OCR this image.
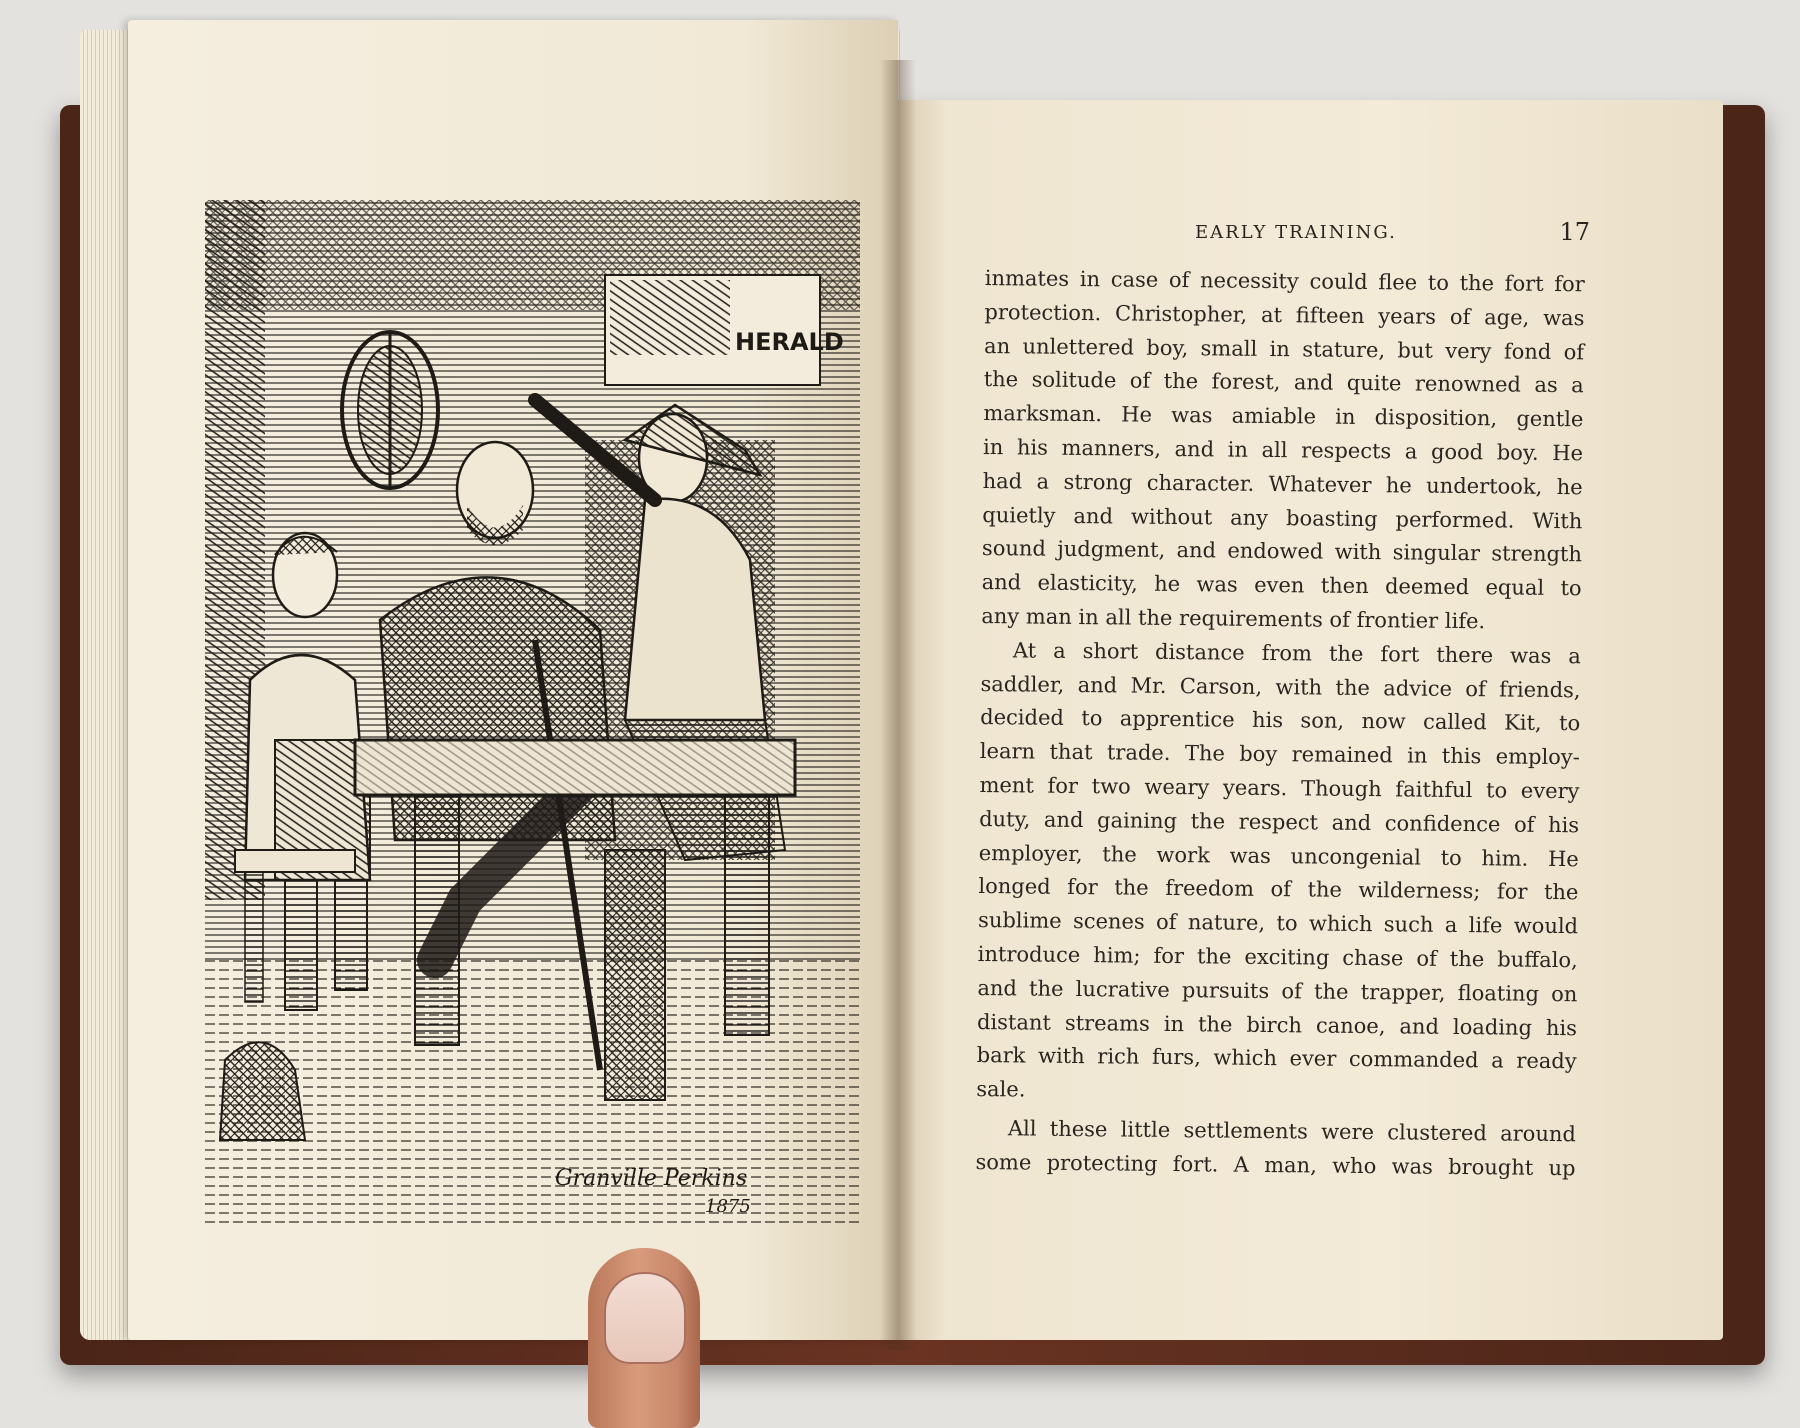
HERALD
Granville Perkins
1875
EARLY TRAINING.	17
inmates in case of necessity could flee to the fort for
protection. Christopher, at fifteen years of age, was
an unlettered boy, small in stature, but very fond of
the solitude of the forest, and quite renowned as a
marksman. He was amiable in disposition, gentle
in his manners, and in all respects a good boy. He
had a strong character. Whatever he undertook, he
quietly and without any boasting performed. With
sound judgment, and endowed with singular strength
and elasticity, he was even then deemed equal to
any man in all the requirements of frontier life.
At a short distance from the fort there was a
saddler, and Mr. Carson, with the advice of friends,
decided to apprentice his son, now called Kit, to
learn that trade. The boy remained in this employ-
ment for two weary years. Though faithful to every
duty, and gaining the respect and confidence of his
employer, the work was uncongenial to him. He
longed for the freedom of the wilderness; for the
sublime scenes of nature, to which such a life would
introduce him; for the exciting chase of the buffalo,
and the lucrative pursuits of the trapper, floating on
distant streams in the birch canoe, and loading his
bark with rich furs, which ever commanded a ready
sale.
All these little settlements were clustered around
some protecting fort. A man, who was brought up
